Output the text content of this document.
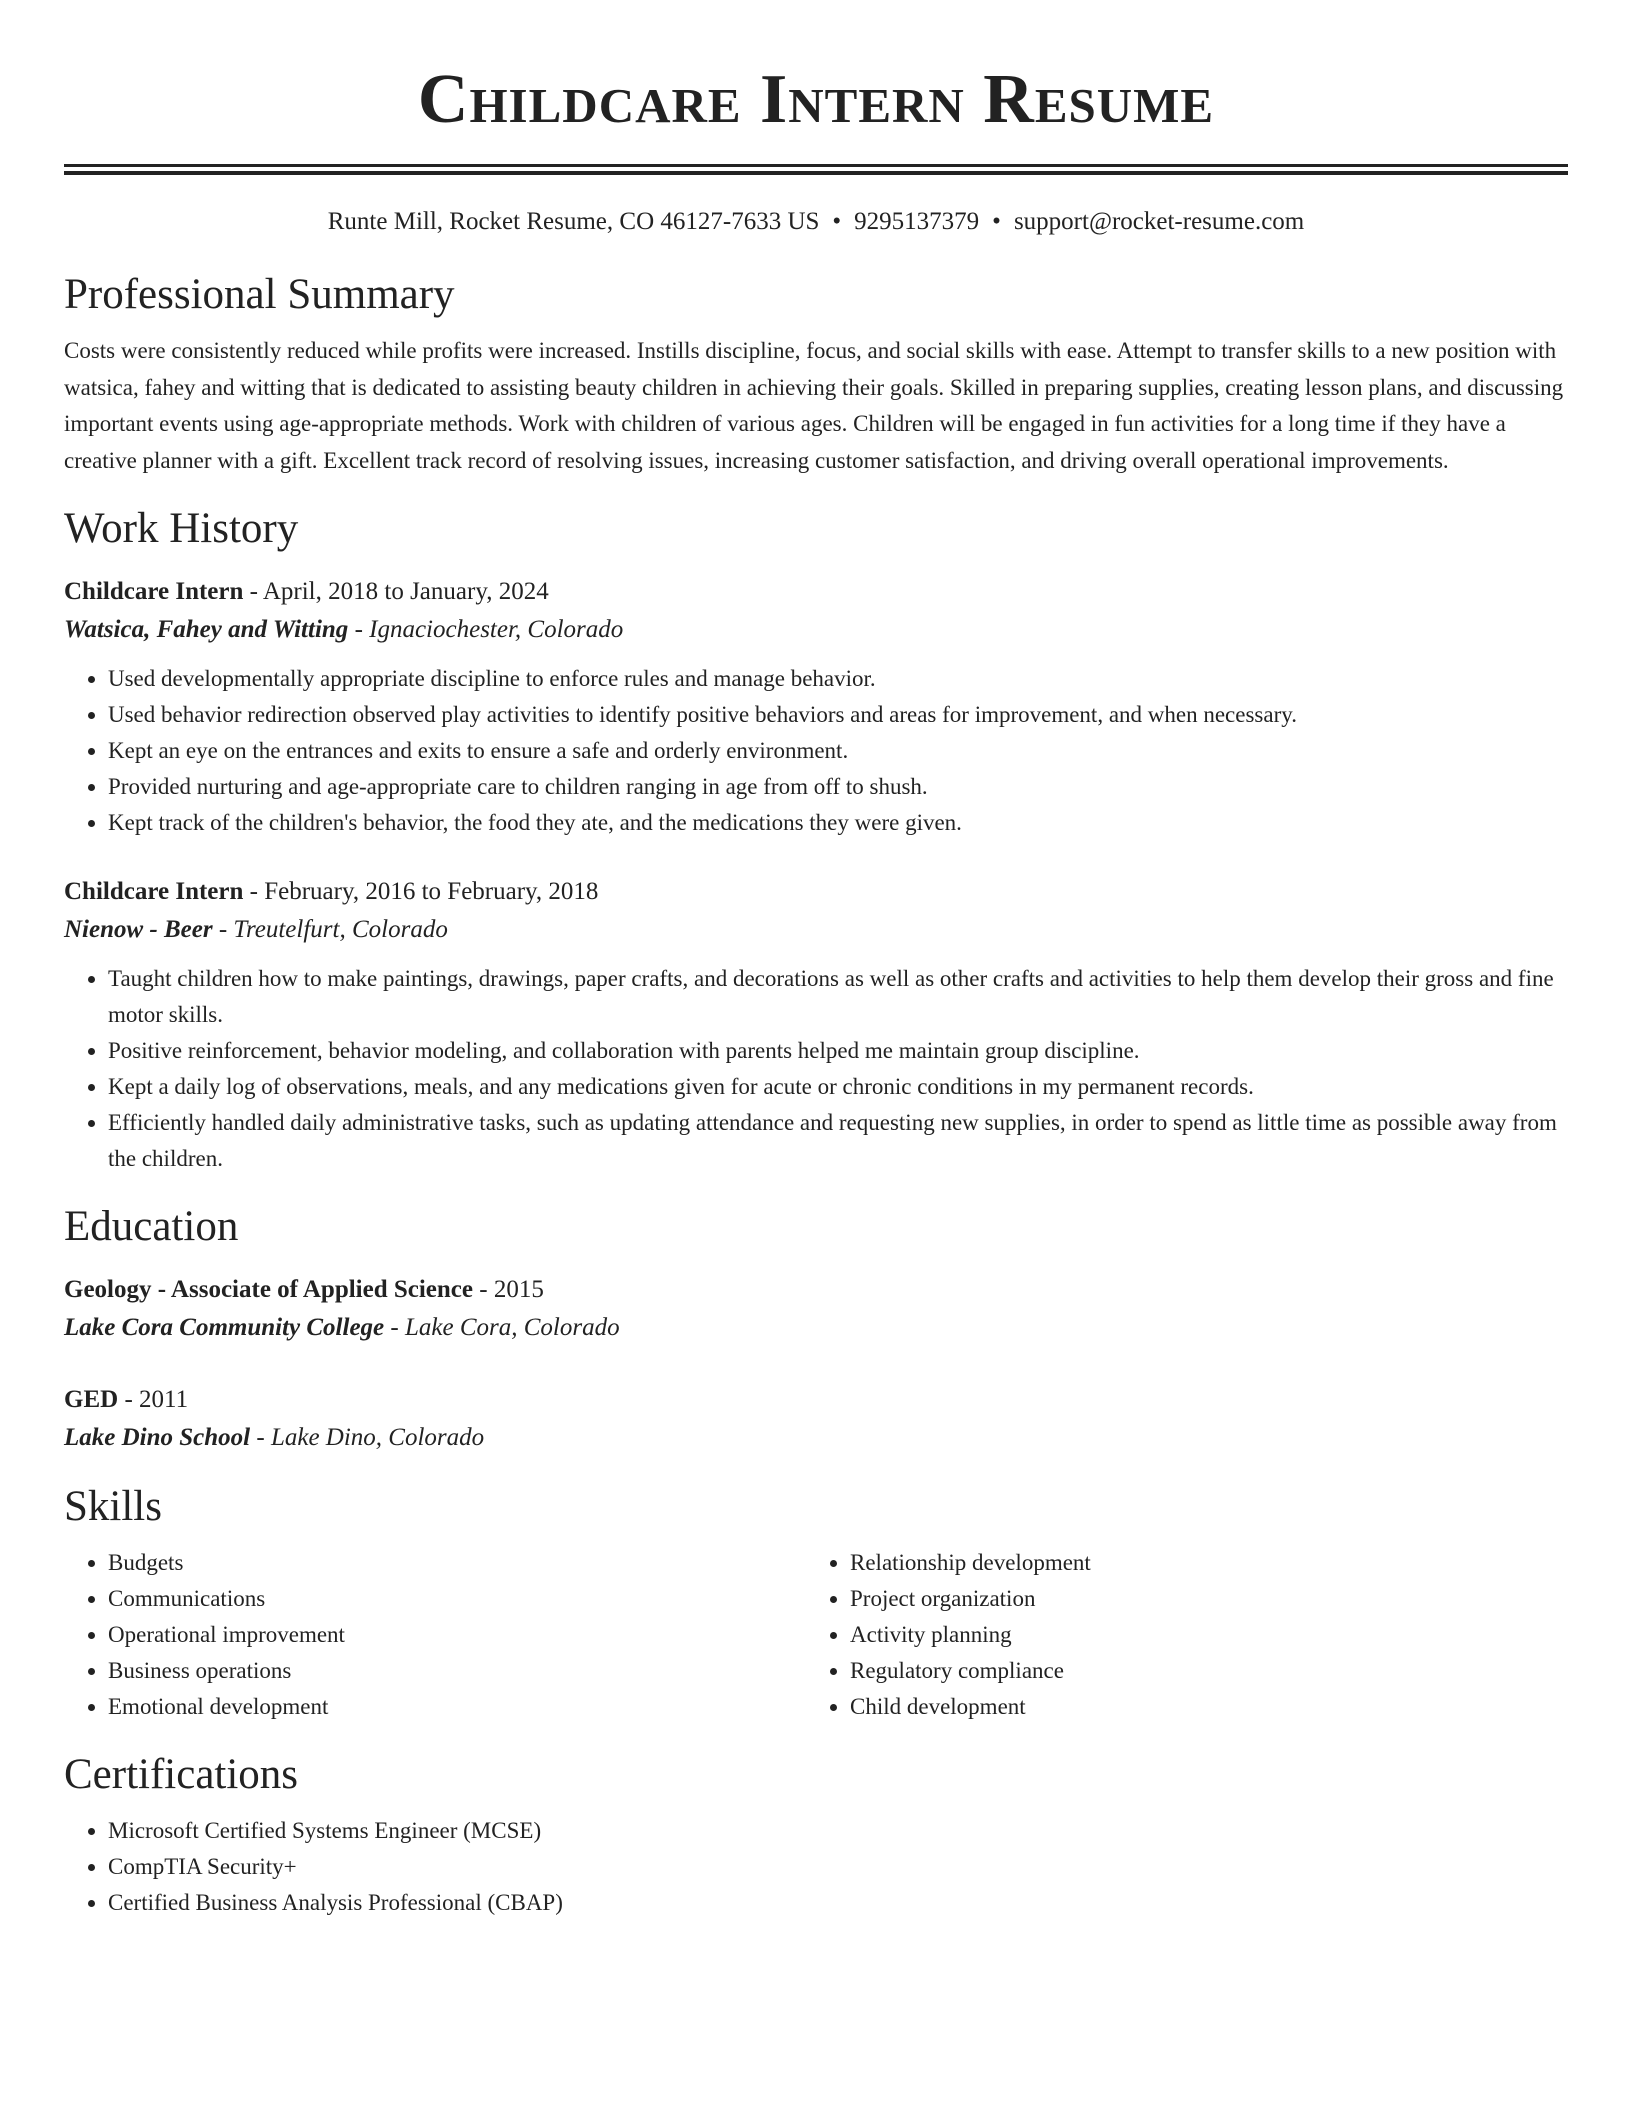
Childcare Intern Resume
Runte Mill, Rocket Resume, CO 46127-7633 US • 9295137379 • support@rocket-resume.com
Professional Summary

Costs were consistently reduced while profits were increased. Instills discipline, focus, and social skills with ease. Attempt to transfer skills to a new position with watsica, fahey and witting that is dedicated to assisting beauty children in achieving their goals. Skilled in preparing supplies, creating lesson plans, and discussing important events using age-appropriate methods. Work with children of various ages. Children will be engaged in fun activities for a long time if they have a creative planner with a gift. Excellent track record of resolving issues, increasing customer satisfaction, and driving overall operational improvements.

Work History
Childcare Intern - April, 2018 to January, 2024
Watsica, Fahey and Witting - Ignaciochester, Colorado
• Used developmentally appropriate discipline to enforce rules and manage behavior.
• Used behavior redirection observed play activities to identify positive behaviors and areas for improvement, and when necessary.
• Kept an eye on the entrances and exits to ensure a safe and orderly environment.
• Provided nurturing and age-appropriate care to children ranging in age from off to shush.
• Kept track of the children's behavior, the food they ate, and the medications they were given.
Childcare Intern - February, 2016 to February, 2018
Nienow - Beer - Treutelfurt, Colorado
• Taught children how to make paintings, drawings, paper crafts, and decorations as well as other crafts and activities to help them develop their gross and fine motor skills.
• Positive reinforcement, behavior modeling, and collaboration with parents helped me maintain group discipline.
• Kept a daily log of observations, meals, and any medications given for acute or chronic conditions in my permanent records.
• Efficiently handled daily administrative tasks, such as updating attendance and requesting new supplies, in order to spend as little time as possible away from the children.
Education
Geology - Associate of Applied Science - 2015
Lake Cora Community College - Lake Cora, Colorado
GED - 2011
Lake Dino School - Lake Dino, Colorado
Skills
• Budgets
• Communications
• Operational improvement
• Business operations
• Emotional development
• Relationship development
• Project organization
• Activity planning
• Regulatory compliance
• Child development
Certifications
• Microsoft Certified Systems Engineer (MCSE)
• CompTIA Security+
• Certified Business Analysis Professional (CBAP)
